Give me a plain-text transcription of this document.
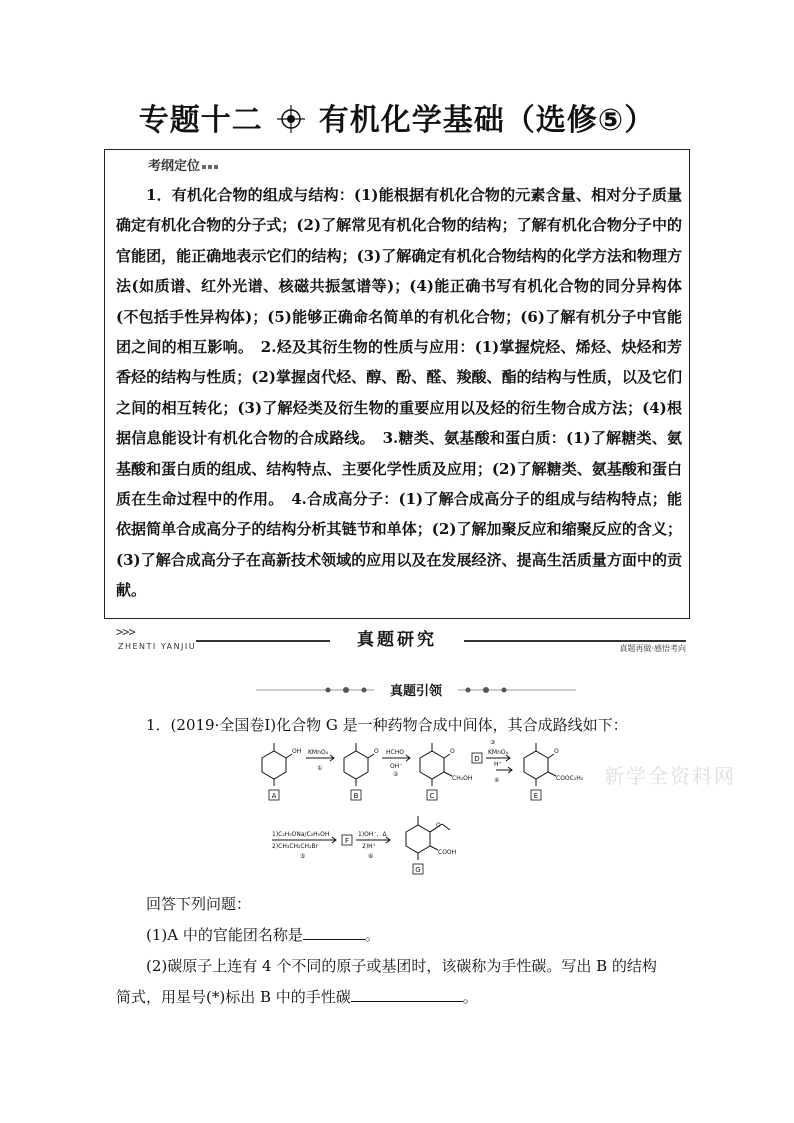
专题十二 有机化学基础（选修⑤）
考纲定位
1．有机化合物的组成与结构：(1)能根据有机化合物的元素含量、相对分子质量确定有机化合物的分子式；(2)了解常见有机化合物的结构；了解有机化合物分子中的官能团，能正确地表示它们的结构；(3)了解确定有机化合物结构的化学方法和物理方法(如质谱、红外光谱、核磁共振氢谱等)；(4)能正确书写有机化合物的同分异构体(不包括手性异构体)；(5)能够正确命名简单的有机化合物；(6)了解有机分子中官能团之间的相互影响。　2.烃及其衍生物的性质与应用：(1)掌握烷烃、烯烃、炔烃和芳香烃的结构与性质；(2)掌握卤代烃、醇、酚、醛、羧酸、酯的结构与性质，以及它们之间的相互转化；(3)了解烃类及衍生物的重要应用以及烃的衍生物合成方法；(4)根据信息能设计有机化合物的合成路线。　3.糖类、氨基酸和蛋白质：(1)了解糖类、氨基酸和蛋白质的组成、结构特点、主要化学性质及应用；(2)了解糖类、氨基酸和蛋白质在生命过程中的作用。　4.合成高分子：(1)了解合成高分子的组成与结构特点；能依据简单合成高分子的结构分析其链节和单体；(2)了解加聚反应和缩聚反应的含义；(3)了解合成高分子在高新技术领域的应用以及在发展经济、提高生活质量方面中的贡献。
>>>
ZHENTI YANJIU	真题研究	真题再做·感悟考向
真题引领
1．(2019·全国卷Ⅰ)化合物 G 是一种药物合成中间体，其合成路线如下：
新学全资料网
OH	O	O
CH₂OH
O
COOC₂H₅
O
COOH
KMnO₄
①
HCHO
OH⁻
②
KMnO₄
H⁺
④
③
1)C₂H₅ONa/C₂H₅OH
2)CH₃CH₂CH₂Br
⑤
1)OH⁻，Δ
2)H⁺
⑥
A	B	C
D
E
F
G
回答下列问题：
(1)A 中的官能团名称是	。
(2)碳原子上连有 4 个不同的原子或基团时，该碳称为手性碳。写出 B 的结构
简式，用星号(*)标出 B 中的手性碳	。
